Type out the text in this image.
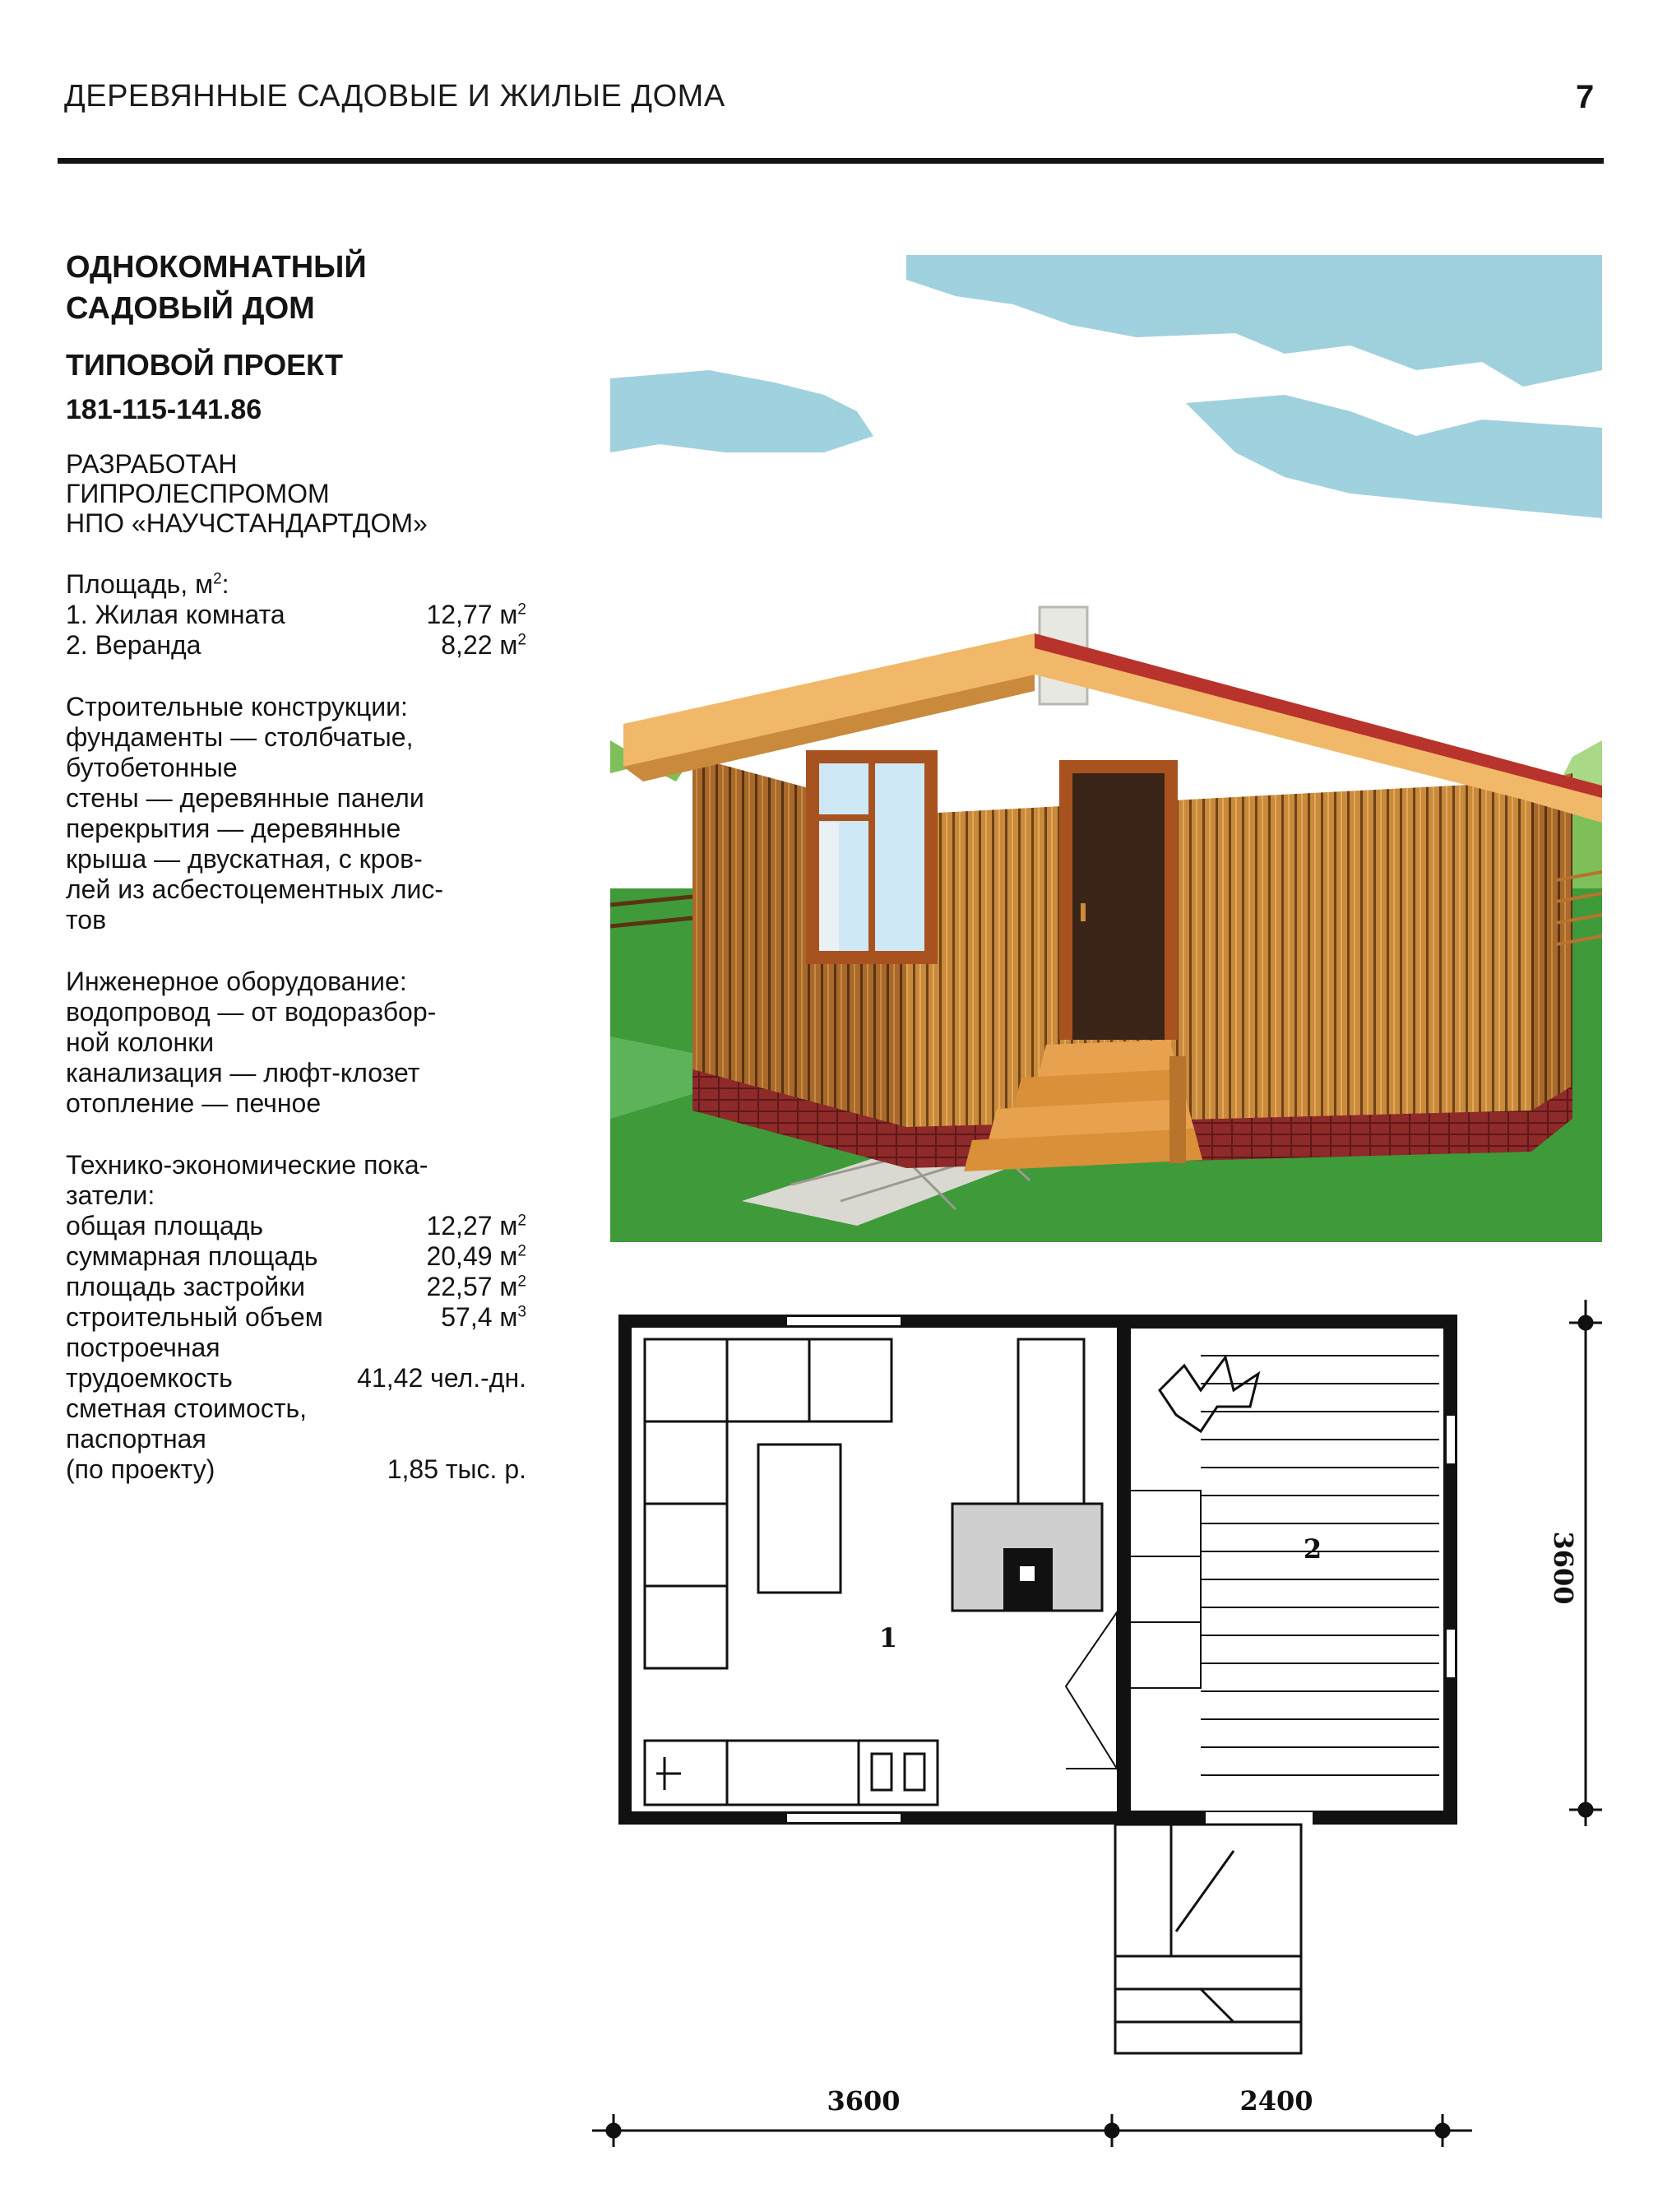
ДЕРЕВЯННЫЕ САДОВЫЕ И ЖИЛЫЕ ДОМА	7
ОДНОКОМНАТНЫЙ
САДОВЫЙ ДОМ
ТИПОВОЙ ПРОЕКТ
181-115-141.86
РАЗРАБОТАН
ГИПРОЛЕСПРОМОМ
НПО «НАУЧСТАНДАРТДОМ»
Площадь, $м^2$:
1. Жилая комната	12,77 $м^2$
2. Веранда	8,22 $м^2$
Строительные конструкции:
фундаменты — столбчатые,
бутобетонные
стены — деревянные панели
перекрытия — деревянные
крыша — двускатная, с кров-
лей из асбестоцементных лис-
тов
Инженерное оборудование:
водопровод — от водоразбор-
ной колонки
канализация — люфт-клозет
отопление — печное
Технико-экономические пока-
затели:
общая площадь	12,27 $м^2$
суммарная площадь	20,49 $м^2$
площадь застройки	22,57 $м^2$
строительный объем	57,4 $м^3$
построечная
трудоемкость	41,42 чел.-дн.
сметная стоимость,
паспортная
(по проекту)	1,85 тыс. р.
1
2
3600	2400
3600
